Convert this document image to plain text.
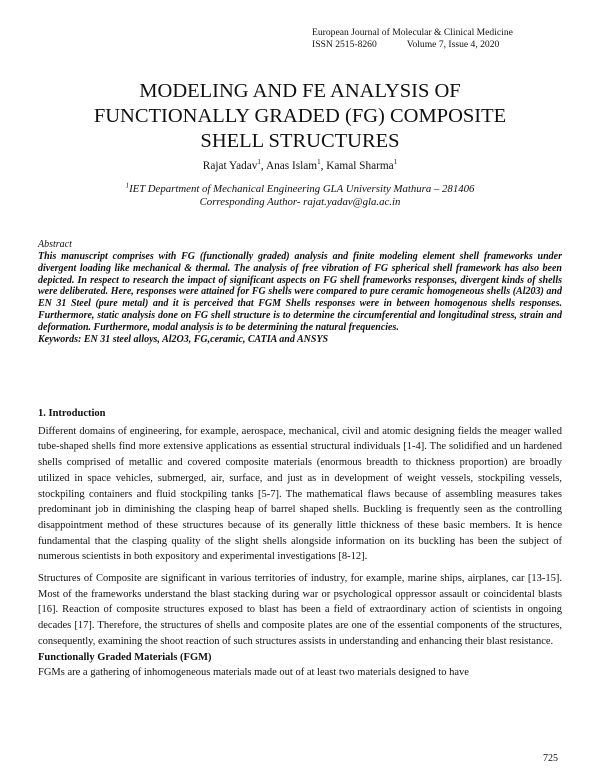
European Journal of Molecular & Clinical Medicine
ISSN 2515-8260	Volume 7, Issue 4, 2020
MODELING AND FE ANALYSIS OF
FUNCTIONALLY GRADED (FG) COMPOSITE
SHELL STRUCTURES
Rajat Yadav$^1$, Anas Islam$^1$, Kamal Sharma$^1$
$^1$IET Department of Mechanical Engineering GLA University Mathura – 281406
Corresponding Author- rajat.yadav@gla.ac.in
Abstract
This manuscript comprises with FG (functionally graded) analysis and finite modeling element shell frameworks under divergent loading like mechanical & thermal. The analysis of free vibration of FG spherical shell framework has also been depicted. In respect to research the impact of significant aspects on FG shell frameworks responses, divergent kinds of shells were deliberated. Here, responses were attained for FG shells were compared to pure ceramic homogeneous shells (Al203) and EN 31 Steel (pure metal) and it is perceived that FGM Shells responses were in between homogenous shells responses. Furthermore, static analysis done on FG shell structure is to determine the circumferential and longitudinal stress, strain and deformation. Furthermore, modal analysis is to be determining the natural frequencies.
Keywords: EN 31 steel alloys, Al2O3, FG,ceramic, CATIA and ANSYS
1. Introduction

Different domains of engineering, for example, aerospace, mechanical, civil and atomic designing fields the meager walled tube-shaped shells find more extensive applications as essential structural individuals [1-4]. The solidified and un hardened shells comprised of metallic and covered composite materials (enormous breadth to thickness proportion) are broadly utilized in space vehicles, submerged, air, surface, and just as in development of weight vessels, stockpiling vessels, stockpiling containers and fluid stockpiling tanks [5-7]. The mathematical flaws because of assembling measures takes predominant job in diminishing the clasping heap of barrel shaped shells. Buckling is frequently seen as the controlling disappointment method of these structures because of its generally little thickness of these basic members. It is hence fundamental that the clasping quality of the slight shells alongside information on its buckling has been the subject of numerous scientists in both expository and experimental investigations [8-12].

Structures of Composite are significant in various territories of industry, for example, marine ships, airplanes, car [13-15]. Most of the frameworks understand the blast stacking during war or psychological oppressor assault or coincidental blasts [16]. Reaction of composite structures exposed to blast has been a field of extraordinary action of scientists in ongoing decades [17]. Therefore, the structures of shells and composite plates are one of the essential components of the structures, consequently, examining the shoot reaction of such structures assists in understanding and enhancing their blast resistance.

Functionally Graded Materials (FGM)

FGMs are a gathering of inhomogeneous materials made out of at least two materials designed to have

725
